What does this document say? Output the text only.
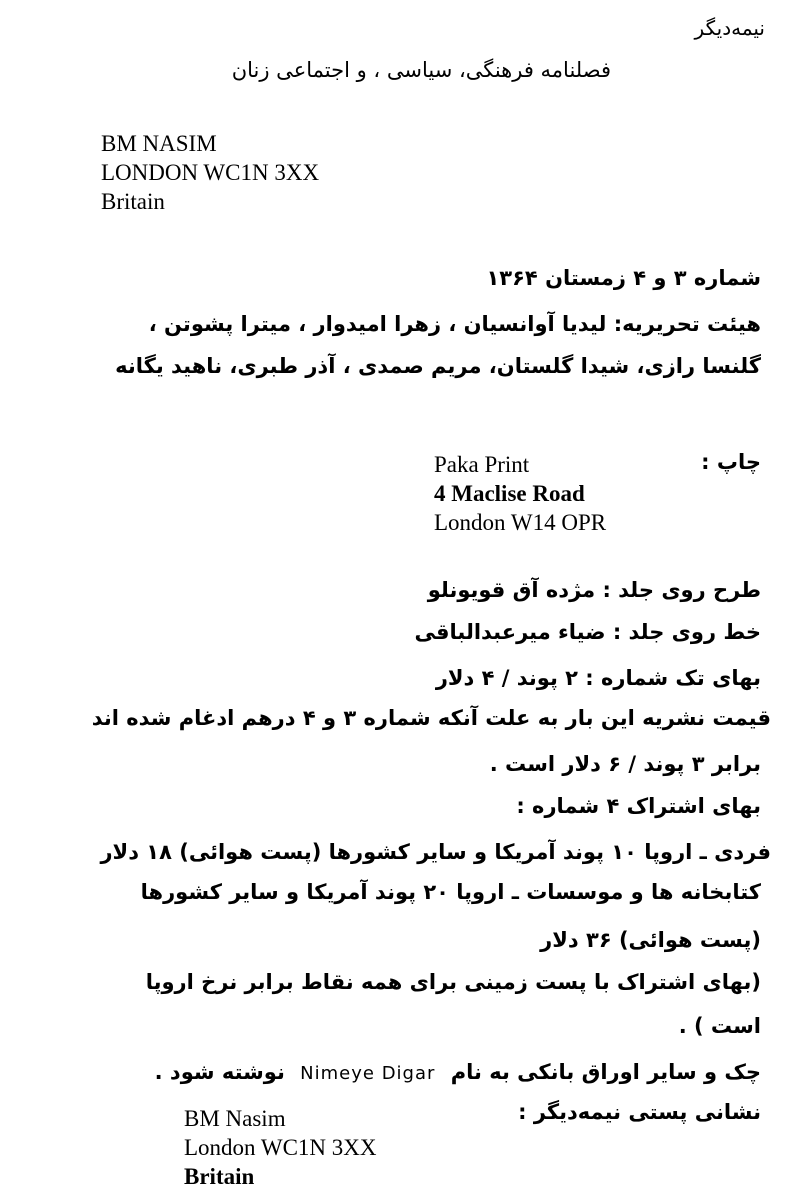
نیمه‌دیگر
فصلنامه فرهنگی، سیاسی ، و اجتماعی زنان
BM NASIM
LONDON WC1N 3XX
Britain
شماره ۳ و ۴ زمستان ۱۳۶۴
هیئت تحریریه: لیدیا آوانسیان ، زهرا امیدوار ، میترا پشوتن ،
گلنسا رازی، شیدا گلستان، مریم صمدی ، آذر طبری، ناهید یگانه
چاپ :
Paka Print
4 Maclise Road
London W14 OPR
طرح روی جلد : مژده آق قویونلو
خط روی جلد : ضیاء میرعبدالباقی
بهای تک شماره : ۲ پوند / ۴ دلار
قیمت نشریه این بار به علت آنکه شماره ۳ و ۴ درهم ادغام شده اند
برابر ۳ پوند / ۶ دلار است .
بهای اشتراک ۴ شماره :
فردی ـ اروپا ۱۰ پوند آمریکا و سایر کشورها (پست هوائی) ۱۸ دلار
کتابخانه ها و موسسات ـ اروپا ۲۰ پوند آمریکا و سایر کشورها
(پست هوائی) ۳۶ دلار
(بهای اشتراک با پست زمینی برای همه نقاط برابر نرخ اروپا
است ) .
چک و سایر اوراق بانکی به نام Nimeye Digar نوشته شود .
نشانی پستی نیمه‌دیگر :
BM Nasim
London WC1N 3XX
Britain
